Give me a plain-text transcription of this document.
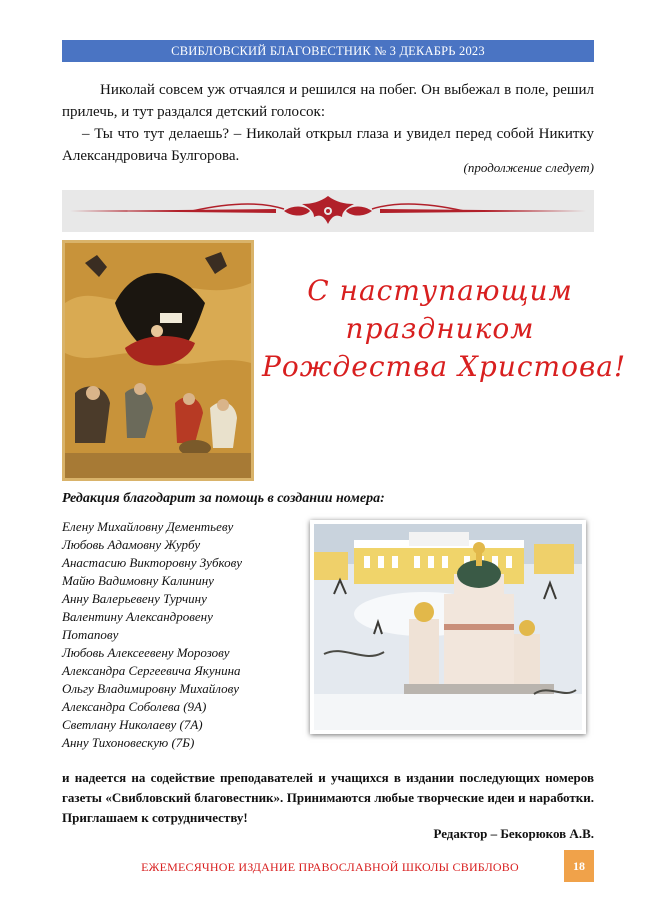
СВИБЛОВСКИЙ БЛАГОВЕСТНИК № 3 ДЕКАБРЬ 2023

Николай совсем уж отчаялся и решился на побег. Он выбежал в поле, решил прилечь, и тут раздался детский голосок:

– Ты что тут делаешь? – Николай открыл глаза и увидел перед собой Никитку Александровича Булгорова.

(продолжение следует)
С наступающим
праздником
Рождества Христова!
Редакция благодарит за помощь в создании номера:
Елену Михайловну Дементьеву
Любовь Адамовну Журбу
Анастасию Викторовну Зубкову
Майю Вадимовну Калинину
Анну Валерьевену Турчину
Валентину Александровену
Потапову
Любовь Алексеевену Морозову
Александра Сергеевича Якунина
Ольгу Владимировну Михайлову
Александра Соболева (9А)
Светлану Николаеву (7А)
Анну Тихоновескую (7Б)

и надеется на содействие преподавателей и учащихся в издании последующих номеров газеты «Свибловский благовестник». Принимаются любые творческие идеи и наработки. Приглашаем к сотрудничеству!

Редактор – Бекорюков А.В.
ЕЖЕМЕСЯЧНОЕ ИЗДАНИЕ ПРАВОСЛАВНОЙ ШКОЛЫ СВИБЛОВО	18
